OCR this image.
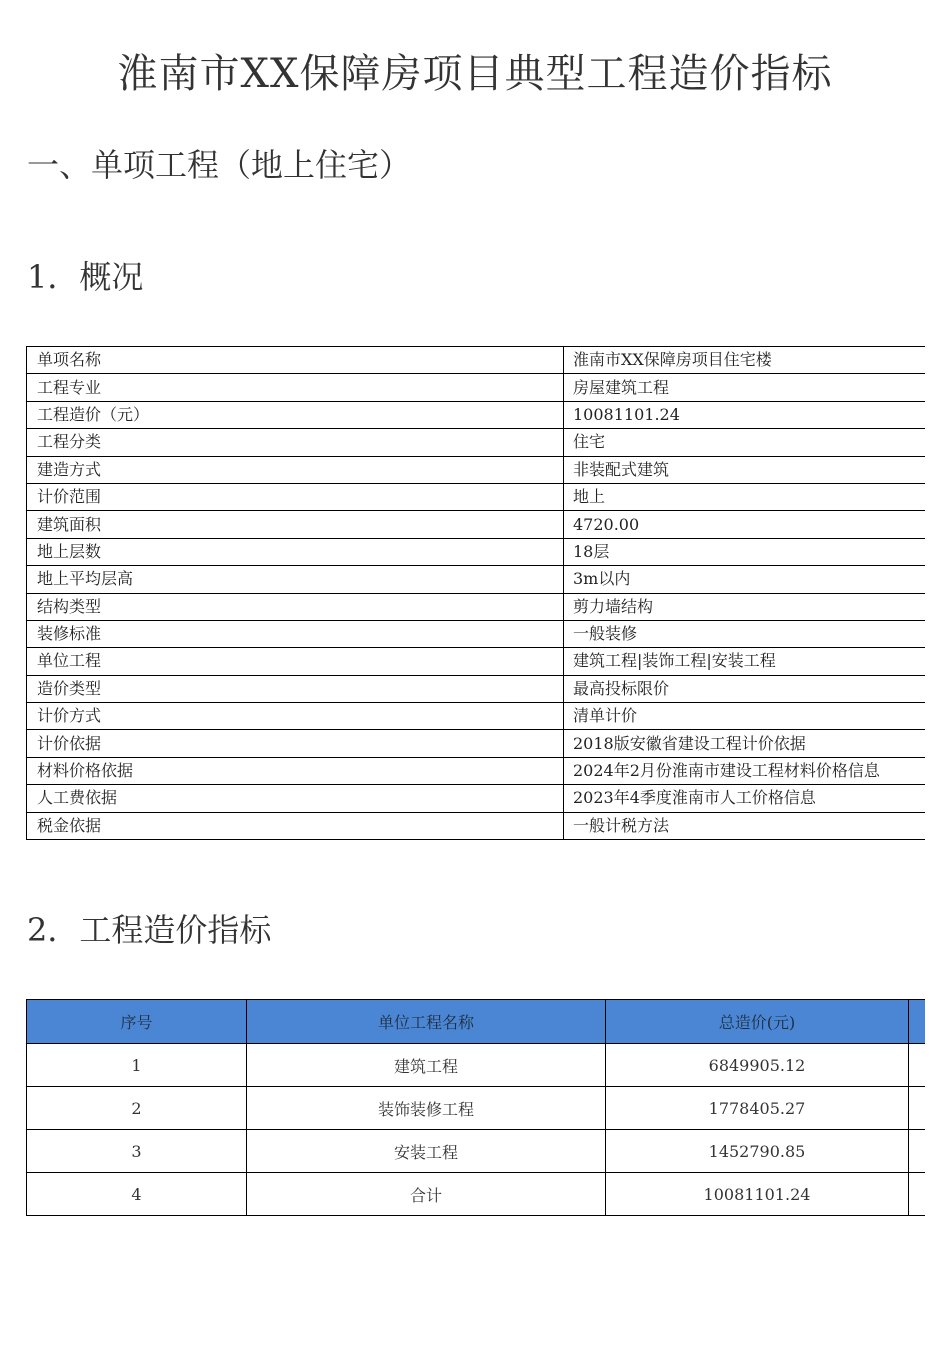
淮南市XX保障房项目典型工程造价指标
一、单项工程（地上住宅）
1．概况
单项名称	淮南市XX保障房项目住宅楼
工程专业	房屋建筑工程
工程造价（元）	10081101.24
工程分类	住宅
建造方式	非装配式建筑
计价范围	地上
建筑面积	4720.00
地上层数	18层
地上平均层高	3m以内
结构类型	剪力墙结构
装修标准	一般装修
单位工程	建筑工程|装饰工程|安装工程
造价类型	最高投标限价
计价方式	清单计价
计价依据	2018版安徽省建设工程计价依据
材料价格依据	2024年2月份淮南市建设工程材料价格信息
人工费依据	2023年4季度淮南市人工价格信息
税金依据	一般计税方法
2．工程造价指标
序号	单位工程名称	总造价(元)	
1	建筑工程	6849905.12	
2	装饰装修工程	1778405.27	
3	安装工程	1452790.85	
4	合计	10081101.24	
